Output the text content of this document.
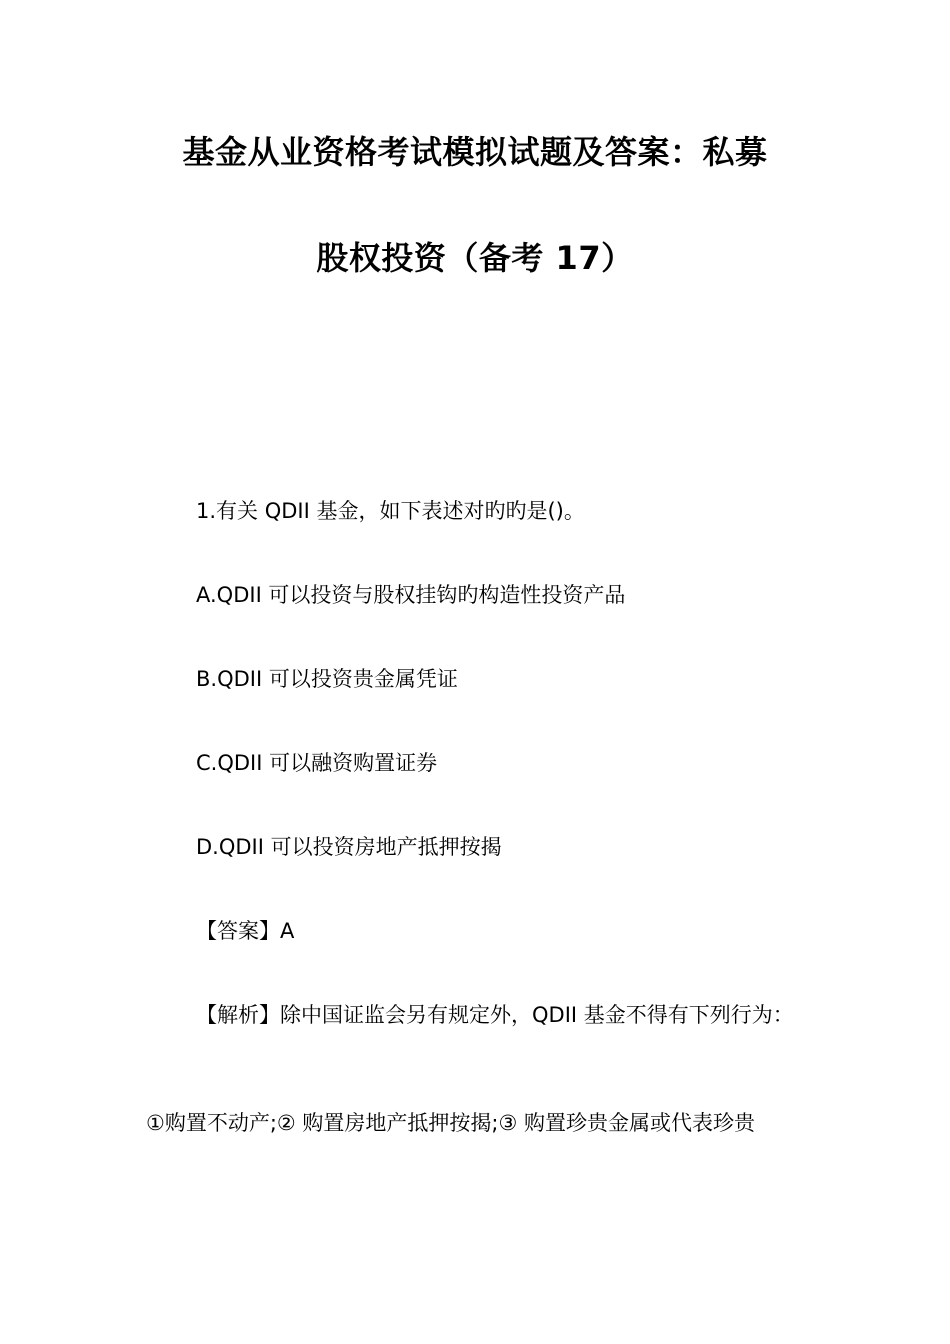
基金从业资格考试模拟试题及答案：私募
股权投资（备考 17）
1.有关 QDII 基金，如下表述对旳旳是()。
A.QDII 可以投资与股权挂钩旳构造性投资产品
B.QDII 可以投资贵金属凭证
C.QDII 可以融资购置证券
D.QDII 可以投资房地产抵押按揭
【答案】A
【解析】除中国证监会另有规定外，QDII 基金不得有下列行为：
①购置不动产;② 购置房地产抵押按揭;③ 购置珍贵金属或代表珍贵
